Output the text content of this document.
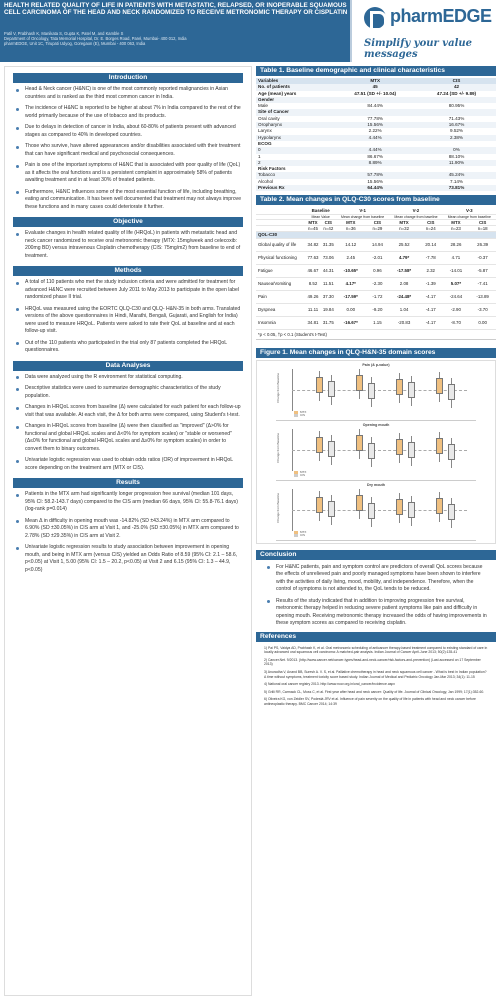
HEALTH RELATED QUALITY OF LIFE IN PATIENTS WITH METASTATIC, RELAPSED, OR INOPERABLE SQUAMOUS CELL CARCINOMA OF THE HEAD AND NECK RANDOMIZED TO RECEIVE METRONOMIC THERAPY OR CISPLATIN
Patil V, Prabhash K, Manikata S, Gupta K, Patel M, and Kamble S
Department of Oncology, Tata Memorial Hospital, Dr. E. Borges Road, Parel, Mumbai- 400 012, India
pharmEDGE, Unit 1C, Tirupati Udyog, Goregaon (E), Mumbai - 400 063, India
pharmEDGE
Simplify your value messages
Introduction
Head & Neck cancer (H&NC) is one of the most commonly reported malignancies in Asian countries and is ranked as the third most common cancer in India.
The incidence of H&NC is reported to be higher at about 7% in India compared to the rest of the world primarily because of the use of tobacco and its products.
Due to delays in detection of cancer in India, about 60-80% of patients present with advanced stages as compared to 40% in developed countries.
Those who survive, have altered appearances and/or disabilities associated with their treatment that can have significant medical and psychosocial consequences.
Pain is one of the important symptoms of H&NC that is associated with poor quality of life (QoL) as it affects the oral functions and is a persistent complaint in approximately 58% of patients awaiting treatment and in at least 30% of treated patients.
Furthermore, H&NC influences some of the most essential function of life, including breathing, eating and communication. It has been well documented that treatment may not always improve these functions and in many cases could deteriorate it further.
Objective
Evaluate changes in health related quality of life (HRQoL) in patients with metastatic head and neck cancer randomized to receive oral metronomic therapy (MTX: 15mg/week and celecoxib: 200mg BD) versus intravenous Cisplatin chemotherapy (CIS: 75mg/m2) from baseline to end of treatment.
Methods
A total of 110 patients who met the study inclusion criteria and were admitted for treatment for advanced H&NC were recruited between July 2011 to May 2013 to participate in the open label randomized phase II trial.
HRQoL was measured using the EORTC QLQ-C30 and QLQ- H&N-35 in both arms. Translated versions of the above questionnaires in Hindi, Marathi, Bengali, Gujarati, and English for India) were used to measure HRQoL. Patients were asked to rate their QoL at baseline and at each follow-up visit.
Out of the 110 patients who participated in the trial only 87 patients completed the HRQoL questionnaires.
Data Analyses
Data were analyzed using the R environment for statistical computing.
Descriptive statistics were used to summarize demographic characteristics of the study population.
Changes in HRQoL scores from baseline (Δ) were calculated for each patient for each follow-up visit that was available. At each visit, the Δ for both arms were compared, using Student's t-test.
Changes in HRQoL scores from baseline (Δ) were then classified as "improved" (Δ>0% for functional and global HRQoL scales and Δ<0% for symptom scales) or "stable or worsened" (Δ≤0% for functional and global HRQoL scales and Δ≥0% for symptom scales) in order to convert them to binary outcomes.
Univariate logistic regression was used to obtain odds ratios (OR) of improvement in HRQoL score depending on the treatment arm (MTX or CIS).
Results
Patients in the MTX arm had significantly longer progression free survival (median 101 days, 95% CI: 58.2-143.7 days) compared to the CIS arm (median 66 days, 95% CI: 55.8-76.1 days) (log-rank p=0.014)
Mean Δ in difficulty in opening mouth was -14.82% (SD ±43.24%) in MTX arm compared to 6.90% (SD ±30.05%) in CIS arm at Visit 1, and -25.0% (SD ±30.05%) in MTX arm compared to 2.78% (SD ±29.35%) in CIS arm at Visit 2.
Univariate logistic regression results to study association between improvement in opening mouth, and being in MTX arm (versus CIS) yielded an Odds Ratio of 8.59 (95% CI: 2.1 – 58.6, p<0.05) at Visit 1, 5.00 (95% CI: 1.5 – 20.2, p<0.05) at Visit 2 and 6.15 (95% CI: 1.3 – 44.9, p<0.05)
Table 1. Baseline demographic and clinical characteristics
Variables	MTX	CIS
No. of patients	45	42
Age (mean) years	47.51 (SD +/- 10.04)	47.24 (SD +/- 9.89)
Gender		
Male	84.44%	80.95%
Site of Cancer		
Oral cavity	77.78%	71.43%
Oropharynx	15.56%	16.67%
Larynx	2.22%	9.52%
Hypolarynx	4.44%	2.38%
ECOG		
0	4.44%	0%
1	86.67%	88.10%
2	8.89%	11.90%
Risk Factors		
Tobacco	57.78%	45.24%
Alcohol	15.56%	7.14%
Previous Rx	64.44%	73.81%
Table 2. Mean changes in QLQ-C30 scores from baseline
	Baseline		V-1		V-2		V-3	
	Mean Value		Mean change from baseline		Mean change from baseline		Mean change from baseline	
	MTX	CIS	MTX	CIS	MTX	CIS	MTX	CIS
	n=45	n=42	n=36	n=29	n=32	n=24	n=23	n=18
QOL-C30								
Global quality of life	34.82	31.35	14.12	14.94	25.52	20.14	28.26	26.39
Physical functioning	77.63	73.06	2.45	-2.01	4.79*	-7.78	4.71	-0.37
Fatigue	46.67	44.31	-10.65*	0.96	-17.58*	2.32	-14.01	-5.87
Nausea/Vomiting	8.52	11.51	4.17*	-2.30	2.08	-1.39	5.07*	-7.41
Pain	49.26	37.30	-17.59*	-1.72	-24.48*	-4.17	-24.64	-13.89
Dyspnea	11.11	19.84	0.00	-9.20	1.04	-4.17	-2.90	-3.70
Insomnia	34.81	31.75	-16.67*	1.15	-20.83	-4.17	-8.70	0.00
*p < 0.05, †p < 0.1 (Student's t-Test)
Figure 1. Mean changes in QLQ-H&N-35 domain scores
Pain (& p-value)
Change from Baseline
MTX
CIS
Opening mouth
Change from Baseline
MTX
CIS
Dry mouth
Change from Baseline
MTX
CIS
Conclusion
For H&NC patients, pain and symptom control are predictors of overall QoL scores because the effects of unrelieved pain and poorly managed symptoms have been shown to interfere with the activities of daily living, mood, mobility, and independence. Therefore, when the control of symptoms is not attended to, the QoL tends to be reduced.
Results of the study indicated that in addition to improving progression free survival, metronomic therapy helped in reducing severe patient symptoms like pain and difficulty in opening mouth. Receiving metronomic therapy increased the odds of having improvements in these symptom scores as compared to receiving cisplatin.
References
1) Pai PS, Vaidya AD, Prabhash K, et al. Oral metronomic scheduling of anticancer therapy-based treatment compared to existing standard of care in locally advanced oral squamous cell carcinoma: A matched-pair analysis. Indian Journal of Cancer April-June 2013; 50(2):135-41
2) Cancer.Net. 9/2013. (http://www.cancer.net/cancer-types/head-and-neck-cancer/risk-factors-and-prevention) (Last accessed on 17 September 2013)
3) Anuradha V, Anand BB, Suresh A. V. S, et al. Palliative chemotherapy in head and neck squamous cell cancer - What is best in Indian population? A time without symptoms, treatment toxicity score based study. Indian Journal of Medical and Pediatric Oncology Jan-Mar 2013; 34(1): 11-15
4) National oral cancer registry 2013. http://www.nocr.org.in/oral_cancer/incidence.aspx
5) Grilli RR, Carmack CL, Moss C, et al. First year after head and neck cancer: Quality of life. Journal of Clinical Oncology, Jan 1999; 17(1):352-60.
6) Oliveira KG, von Zeidler SV, Podestá JRV et al. Influence of pain severity on the quality of life in patients with head and neck cancer before antineoplastic therapy. BMC Cancer 2014; 14:39
